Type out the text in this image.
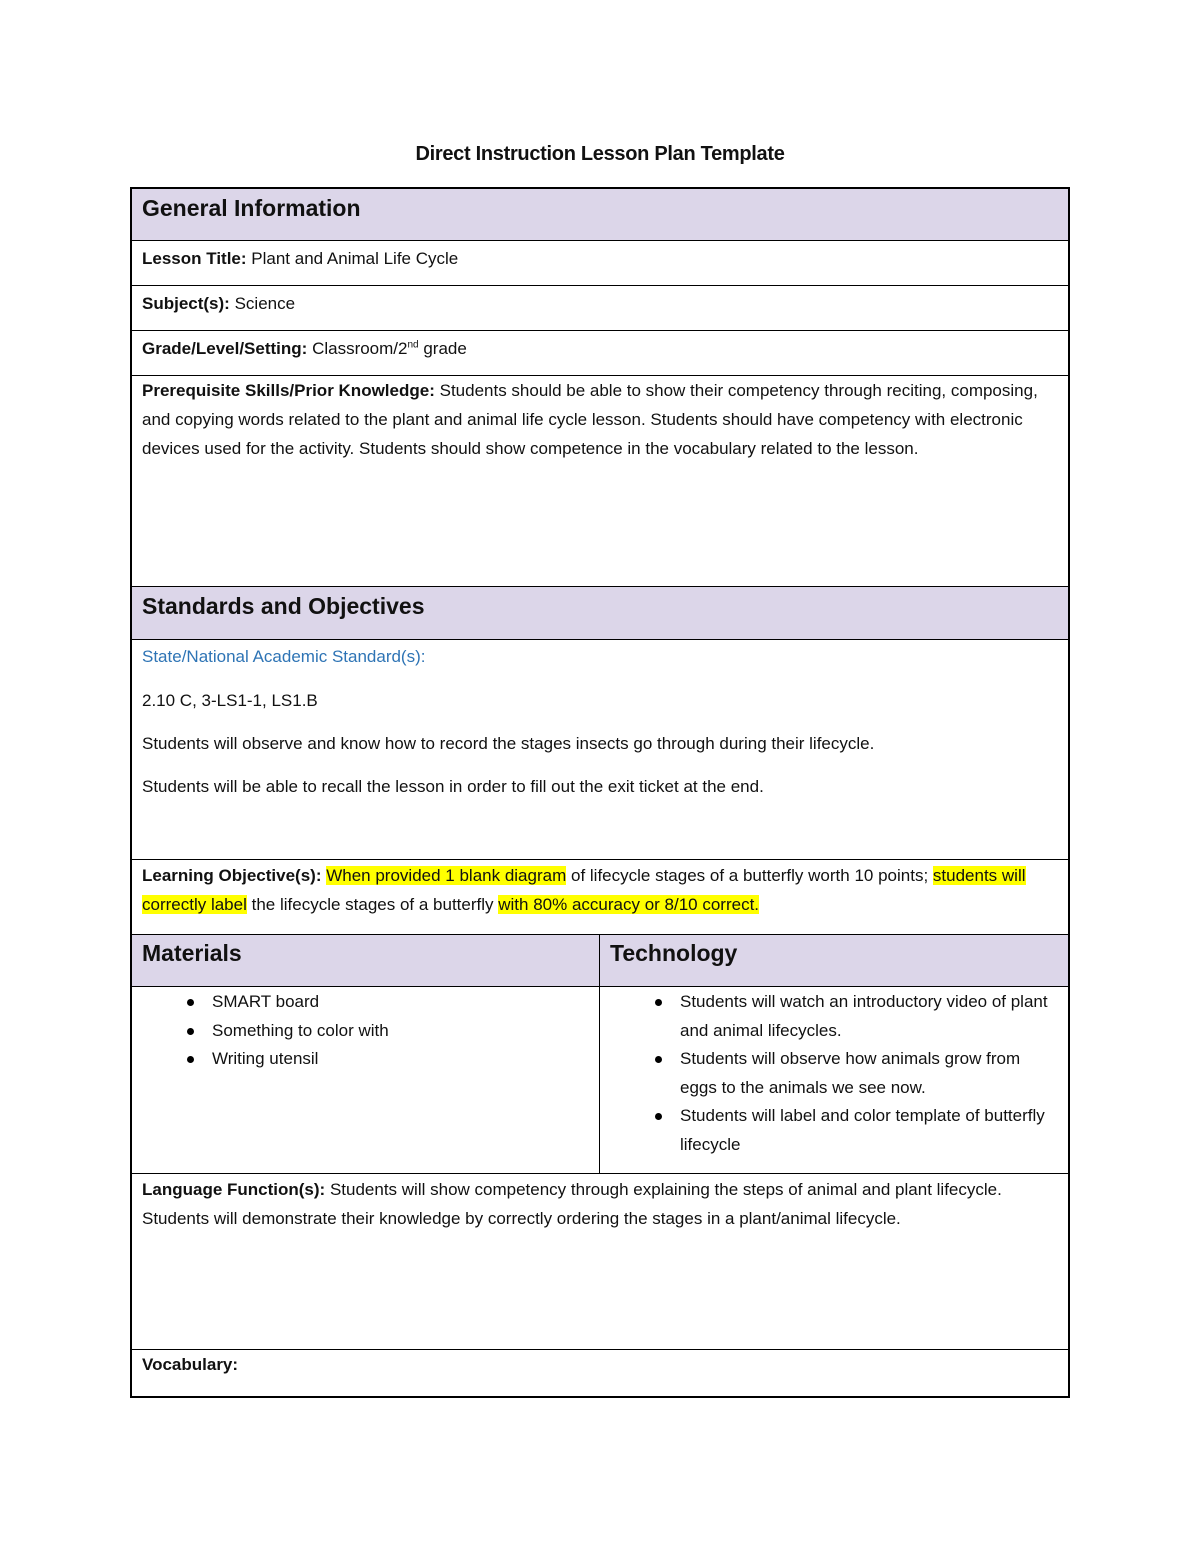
Direct Instruction Lesson Plan Template
General Information
Lesson Title: Plant and Animal Life Cycle
Subject(s): Science
Grade/Level/Setting: Classroom/2nd grade
Prerequisite Skills/Prior Knowledge: Students should be able to show their competency through reciting, composing, and copying words related to the plant and animal life cycle lesson. Students should have competency with electronic devices used for the activity. Students should show competence in the vocabulary related to the lesson.
Standards and Objectives
State/National Academic Standard(s):
2.10 C, 3-LS1-1, LS1.B
Students will observe and know how to record the stages insects go through during their lifecycle.
Students will be able to recall the lesson in order to fill out the exit ticket at the end.
Learning Objective(s): When provided 1 blank diagram of lifecycle stages of a butterfly worth 10 points; students will correctly label the lifecycle stages of a butterfly with 80% accuracy or 8/10 correct.
Materials	Technology
SMART board
Something to color with
Writing utensil
Students will watch an introductory video of plant and animal lifecycles.
Students will observe how animals grow from eggs to the animals we see now.
Students will label and color template of butterfly lifecycle
Language Function(s): Students will show competency through explaining the steps of animal and plant lifecycle. Students will demonstrate their knowledge by correctly ordering the stages in a plant/animal lifecycle.
Vocabulary:
